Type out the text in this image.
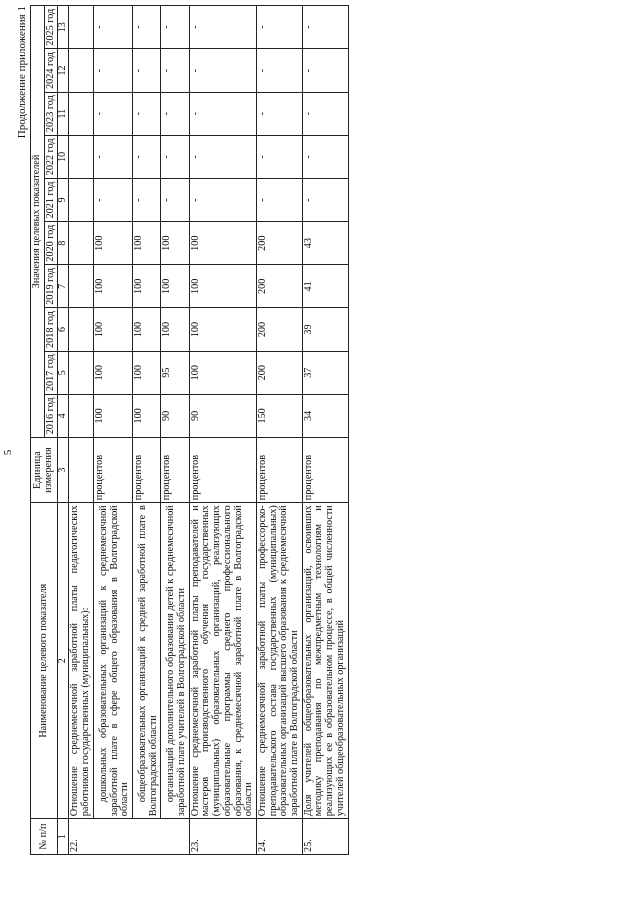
5
Продолжение приложения 1
№ п/п	Наименование целевого показателя	Единица измерения	Значения целевых показателей									
			2016 год	2017 год	2018 год	2019 год	2020 год	2021 год	2022 год	2023 год	2024 год	2025 год
1	2	3	4	5	6	7	8	9	10	11	12	13
22.	Отношение среднемесячной заработной платы педагогических работников государственных (муниципальных):											

	дошкольных образовательных организаций к среднемесячной заработной плате в сфере общего образования в Волгоградской области	процентов	100	100	100	100	100	-	-	-	-	-

	общеобразовательных организаций к средней заработной плате в Волгоградской области	процентов	100	100	100	100	100	-	-	-	-	-

	организаций дополнительного образования детей к среднемесячной заработной плате учителей в Волгоградской области	процентов	90	95	100	100	100	-	-	-	-	-
23.	Отношение среднемесячной заработной платы преподавателей и мастеров производственного обучения государственных (муниципальных) образовательных организаций, реализующих образовательные программы среднего профессионального образования, к среднемесячной заработной плате в Волгоградской области	процентов	90	100	100	100	100	-	-	-	-	-
24.	Отношение среднемесячной заработной платы профессорско-преподавательского состава государственных (муниципальных) образовательных организаций высшего образования к среднемесячной заработной плате в Волгоградской области	процентов	150	200	200	200	200	-	-	-	-	-
25.	Доля учителей общеобразовательных организаций, освоивших методику преподавания по межпредметным технологиям и реализующих ее в образовательном процессе, в общей численности учителей общеобразовательных организаций	процентов	34	37	39	41	43	-	-	-	-	-
